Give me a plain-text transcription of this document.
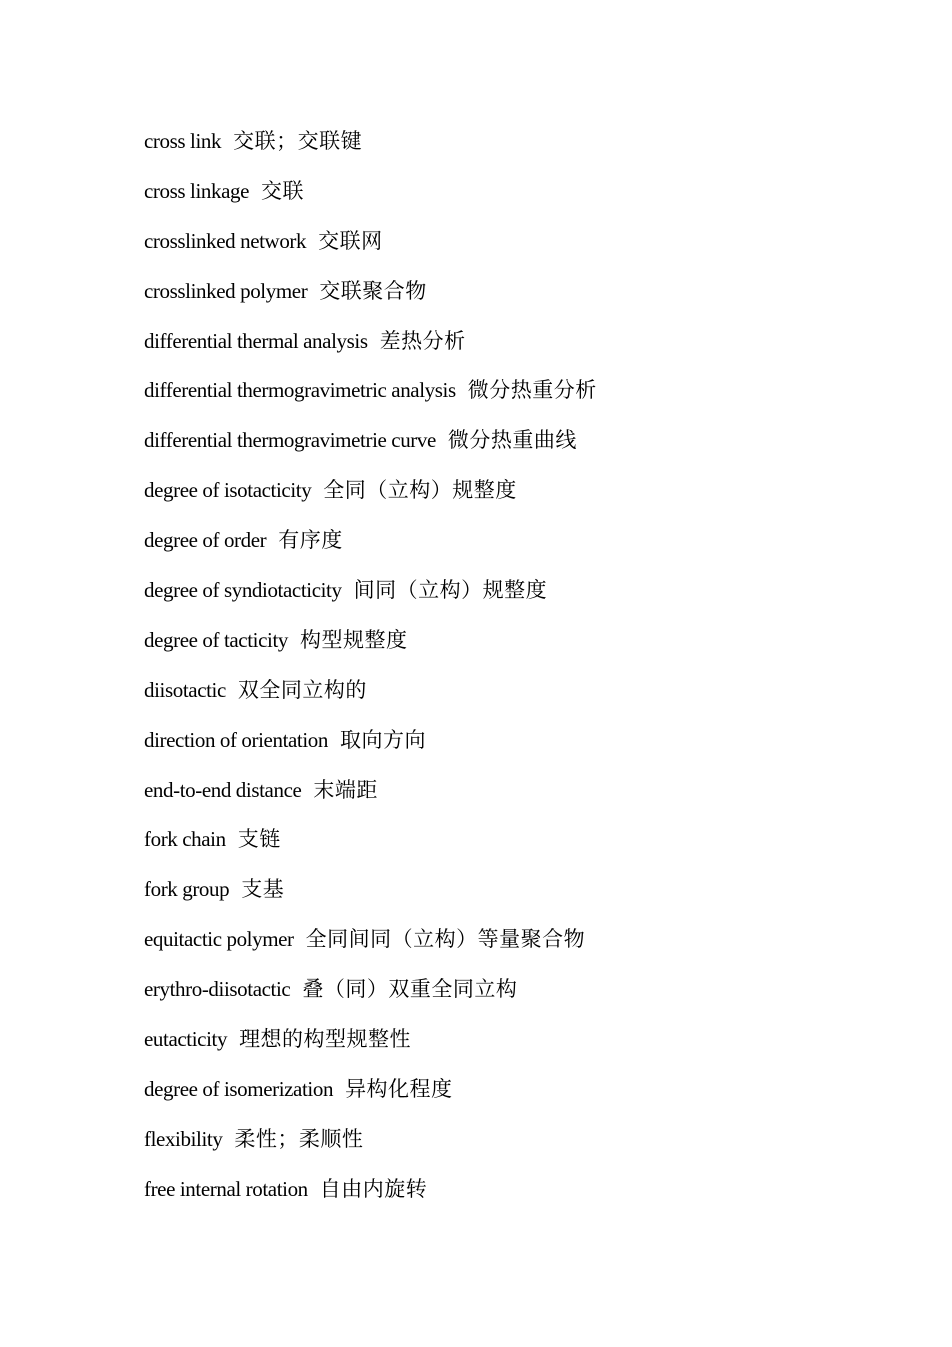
cross link 交联；交联键
cross linkage 交联
crosslinked network 交联网
crosslinked polymer 交联聚合物
differential thermal analysis 差热分析
differential thermogravimetric analysis 微分热重分析
differential thermogravimetrie curve 微分热重曲线
degree of isotacticity 全同（立构）规整度
degree of order 有序度
degree of syndiotacticity 间同（立构）规整度
degree of tacticity 构型规整度
diisotactic 双全同立构的
direction of orientation 取向方向
end-to-end distance 末端距
fork chain 支链
fork group 支基
equitactic polymer 全同间同（立构）等量聚合物
erythro-diisotactic 叠（同）双重全同立构
eutacticity 理想的构型规整性
degree of isomerization 异构化程度
flexibility 柔性；柔顺性
free internal rotation 自由内旋转
